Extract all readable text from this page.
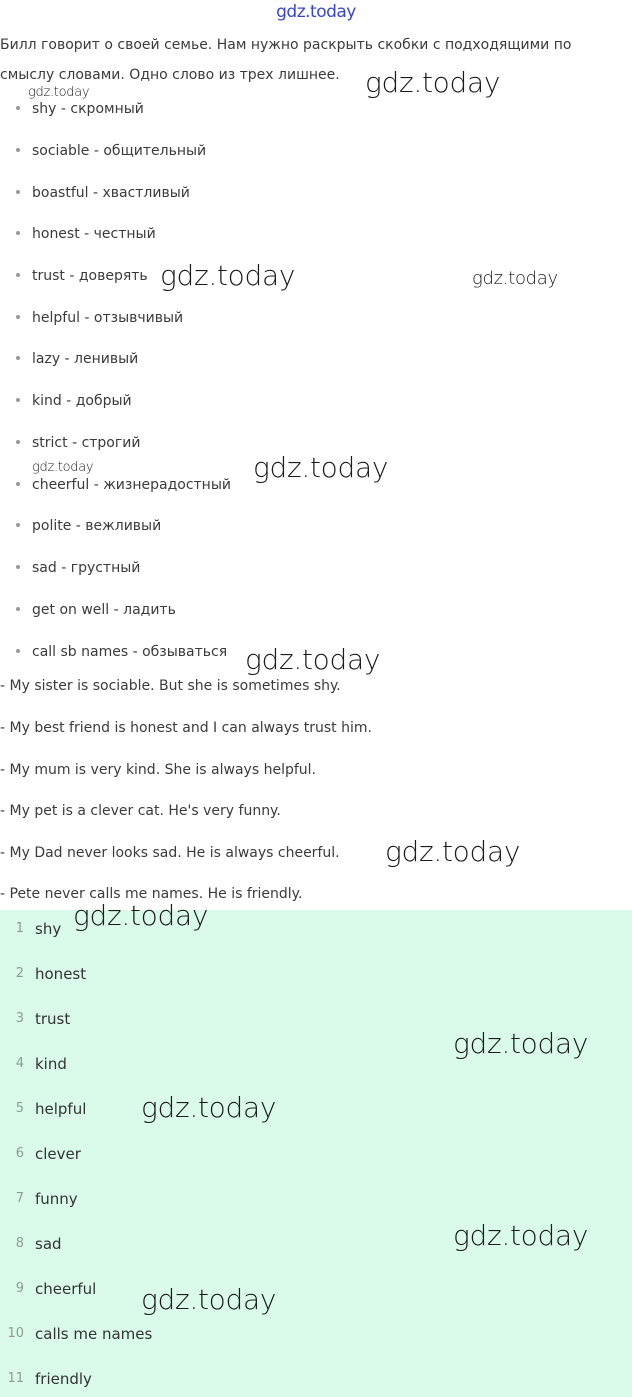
gdz.today
Билл говорит о своей семье. Нам нужно раскрыть скобки с подходящими по смыслу словами. Одно слово из трех лишнее.
shy - скромный
sociable - общительный
boastful - хвастливый
honest - честный
trust - доверять
helpful - отзывчивый
lazy - ленивый
kind - добрый
strict - строгий
cheerful - жизнерадостный
polite - вежливый
sad - грустный
get on well - ладить
call sb names - обзываться
- My sister is sociable. But she is sometimes shy.
- My best friend is honest and I can always trust him.
- My mum is very kind. She is always helpful.
- My pet is a clever cat. He's very funny.
- My Dad never looks sad. He is always cheerful.
- Pete never calls me names. He is friendly.
1 shy
2 honest
3 trust
4 kind
5 helpful
6 clever
7 funny
8 sad
9 cheerful
10 calls me names
11 friendly
gdz.today
gdz.today
gdz.today	gdz.today
gdz.today	gdz.today
gdz.today
gdz.today
gdz.today
gdz.today
gdz.today
gdz.today
gdz.today
